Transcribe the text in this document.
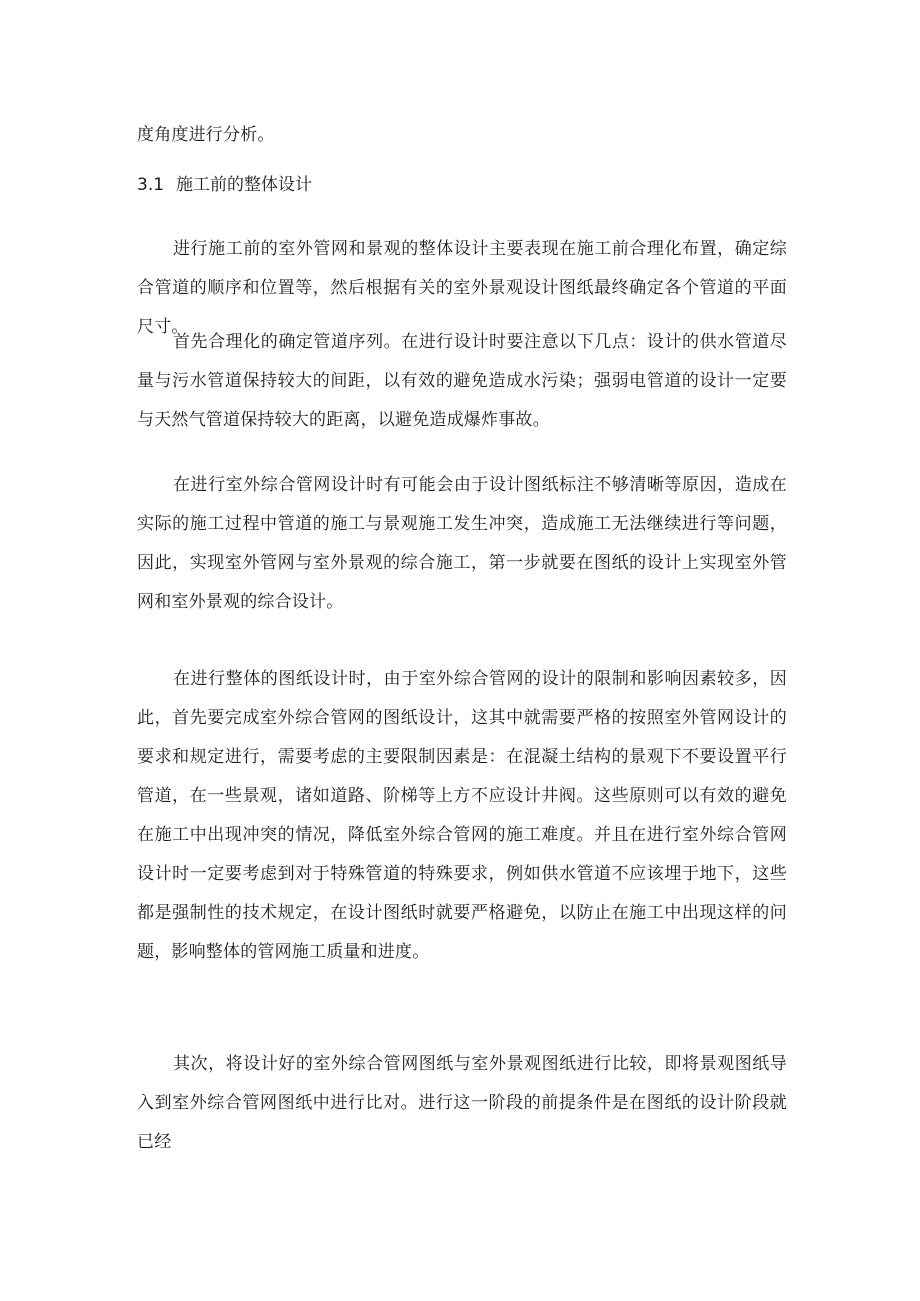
度角度进行分析。
3.1 施工前的整体设计
进行施工前的室外管网和景观的整体设计主要表现在施工前合理化布置，确定综合管道的顺序和位置等，然后根据有关的室外景观设计图纸最终确定各个管道的平面尺寸。
首先合理化的确定管道序列。在进行设计时要注意以下几点：设计的供水管道尽量与污水管道保持较大的间距，以有效的避免造成水污染；强弱电管道的设计一定要与天然气管道保持较大的距离，以避免造成爆炸事故。
在进行室外综合管网设计时有可能会由于设计图纸标注不够清晰等原因，造成在实际的施工过程中管道的施工与景观施工发生冲突，造成施工无法继续进行等问题，因此，实现室外管网与室外景观的综合施工，第一步就要在图纸的设计上实现室外管网和室外景观的综合设计。
在进行整体的图纸设计时，由于室外综合管网的设计的限制和影响因素较多，因此，首先要完成室外综合管网的图纸设计，这其中就需要严格的按照室外管网设计的要求和规定进行，需要考虑的主要限制因素是：在混凝土结构的景观下不要设置平行管道，在一些景观，诸如道路、阶梯等上方不应设计井阀。这些原则可以有效的避免在施工中出现冲突的情况，降低室外综合管网的施工难度。并且在进行室外综合管网设计时一定要考虑到对于特殊管道的特殊要求，例如供水管道不应该埋于地下，这些都是强制性的技术规定，在设计图纸时就要严格避免，以防止在施工中出现这样的问题，影响整体的管网施工质量和进度。
其次，将设计好的室外综合管网图纸与室外景观图纸进行比较，即将景观图纸导入到室外综合管网图纸中进行比对。进行这一阶段的前提条件是在图纸的设计阶段就已经
